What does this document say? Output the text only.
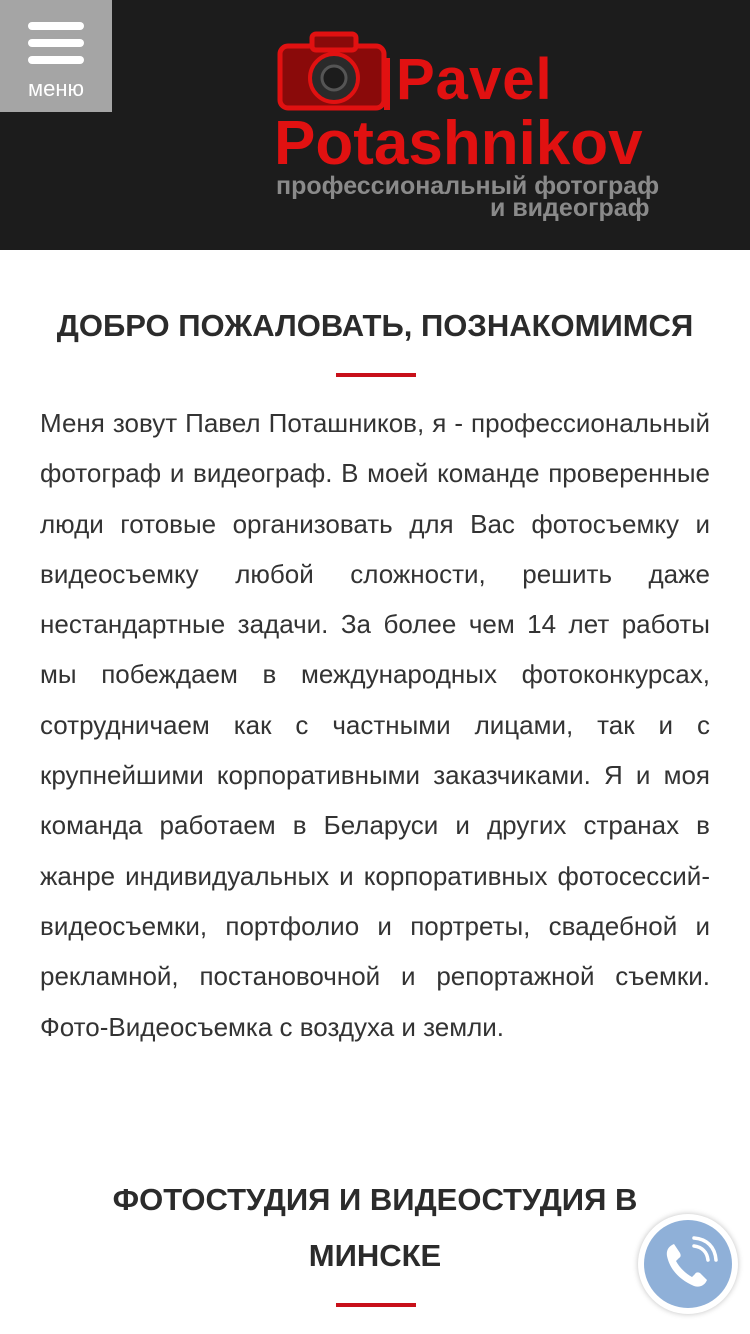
меню	Pavel
Potashnikov
профессиональный фотограф
и видеограф
ДОБРО ПОЖАЛОВАТЬ, ПОЗНАКОМИМСЯ

Меня зовут Павел Поташников, я - профессиональный фотограф и видеограф. В моей команде проверенные люди готовые организовать для Вас фотосъемку и видеосъемку любой сложности, решить даже нестандартные задачи. За более чем 14 лет работы мы побеждаем в международных фотоконкурсах, сотрудничаем как с частными лицами, так и с крупнейшими корпоративными заказчиками. Я и моя команда работаем в Беларуси и других странах в жанре индивидуальных и корпоративных фотосессий-видеосъемки, портфолио и портреты, свадебной и рекламной, постановочной и репортажной съемки. Фото-Видеосъемка с воздуха и земли.

ФОТОСТУДИЯ И ВИДЕОСТУДИЯ В
МИНСКЕ
